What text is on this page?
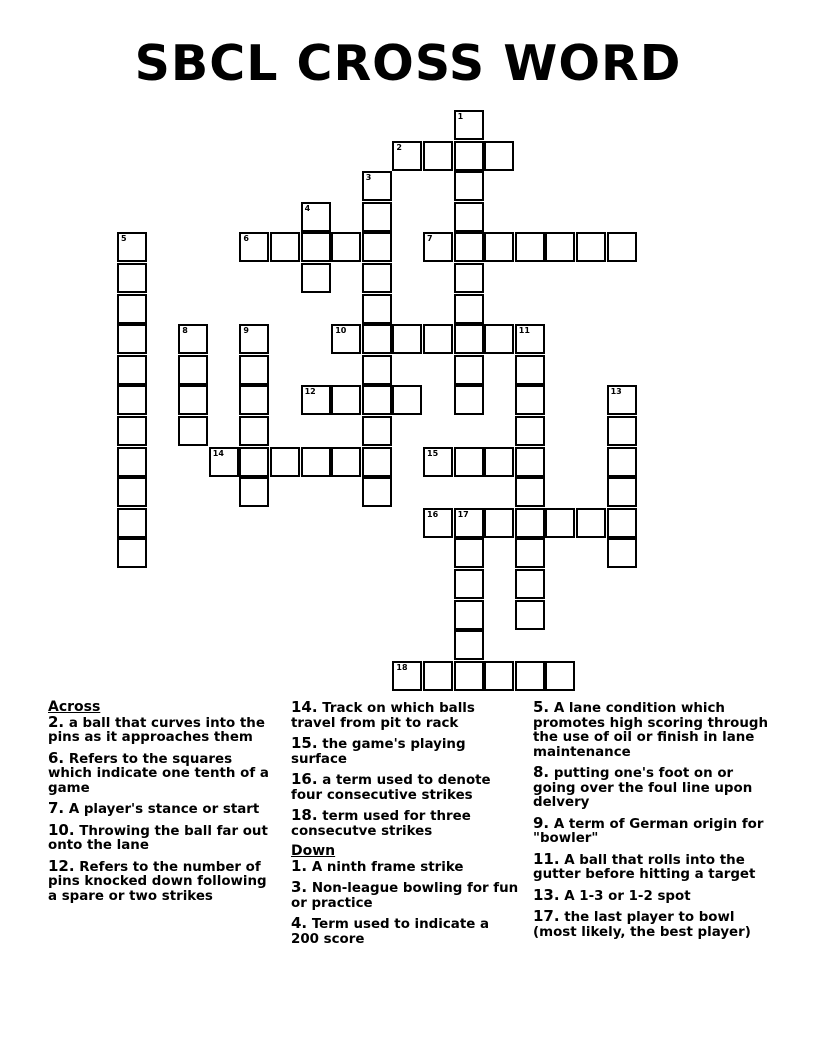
SBCL CROSS WORD
1
2
3
4
5	6	7
8	9	10	11
12	13
14	15
16 17
18
Across
2. a ball that curves into the pins as it approaches them
6. Refers to the squares which indicate one tenth of a game
7. A player's stance or start
10. Throwing the ball far out onto the lane
12. Refers to the number of pins knocked down following a spare or two strikes
14. Track on which balls travel from pit to rack
15. the game's playing surface
16. a term used to denote four consecutive strikes
18. term used for three consecutve strikes
Down
1. A ninth frame strike
3. Non-league bowling for fun or practice
4. Term used to indicate a 200 score
5. A lane condition which promotes high scoring through the use of oil or finish in lane maintenance
8. putting one's foot on or going over the foul line upon delvery
9. A term of German origin for "bowler"
11. A ball that rolls into the gutter before hitting a target
13. A 1-3 or 1-2 spot
17. the last player to bowl (most likely, the best player)
